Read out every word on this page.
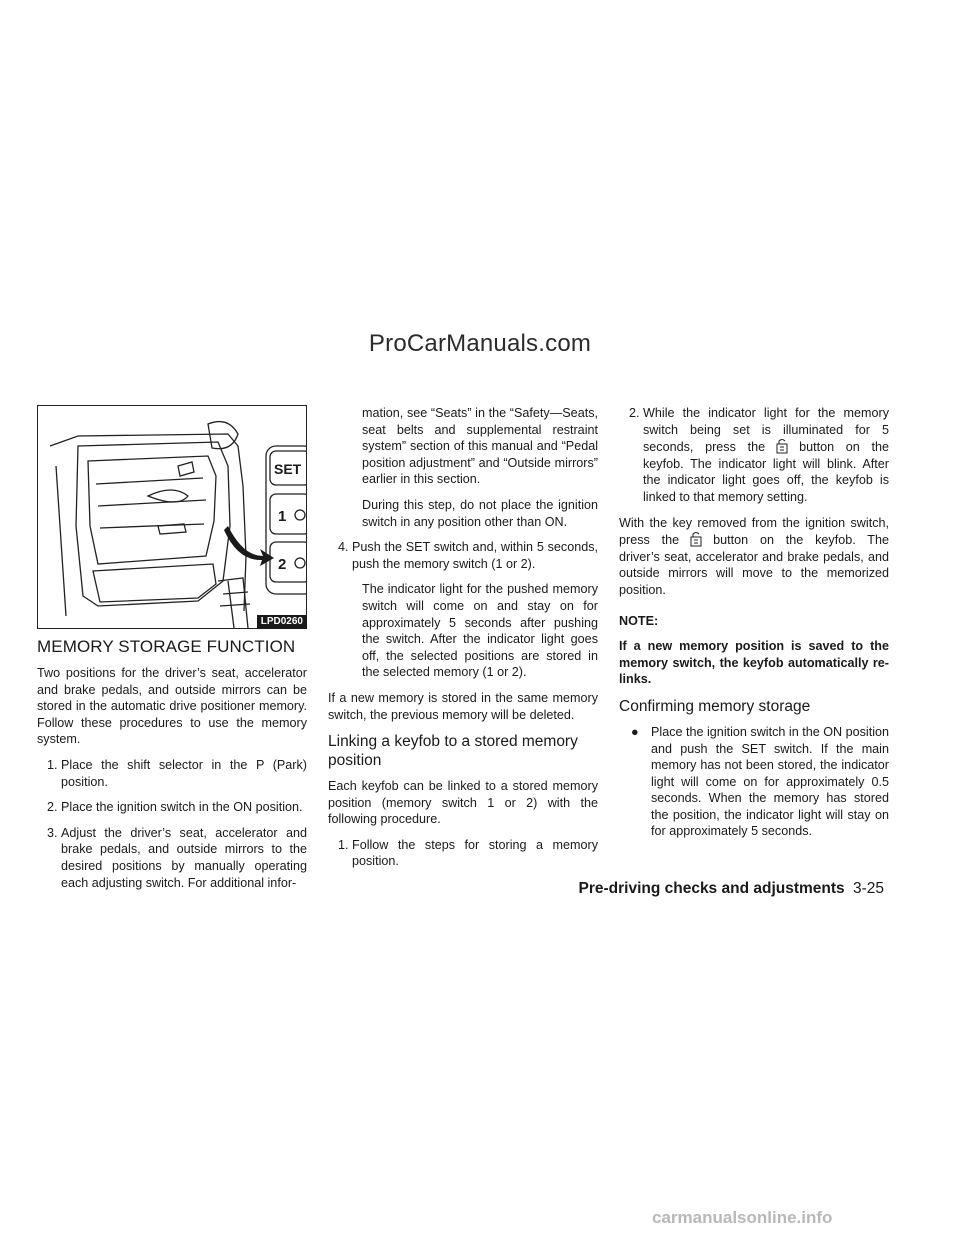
ProCarManuals.com
SET
1
2
LPD0260
MEMORY STORAGE FUNCTION

Two positions for the driver’s seat, accelerator and brake pedals, and outside mirrors can be stored in the automatic drive positioner memory. Follow these procedures to use the memory system.

1. Place the shift selector in the P (Park) position.
2. Place the ignition switch in the ON position.
3. Adjust the driver’s seat, accelerator and brake pedals, and outside mirrors to the desired positions by manually operating each adjusting switch. For additional infor-

mation, see “Seats” in the “Safety—Seats, seat belts and supplemental restraint system” section of this manual and “Pedal position adjustment” and “Outside mirrors” earlier in this section.

During this step, do not place the ignition switch in any position other than ON.

4. Push the SET switch and, within 5 seconds, push the memory switch (1 or 2).

The indicator light for the pushed memory switch will come on and stay on for approximately 5 seconds after pushing the switch. After the indicator light goes off, the selected positions are stored in the selected memory (1 or 2).

If a new memory is stored in the same memory switch, the previous memory will be deleted.

Linking a keyfob to a stored memory position

Each keyfob can be linked to a stored memory position (memory switch 1 or 2) with the following procedure.

1. Follow the steps for storing a memory position.
2. While the indicator light for the memory switch being set is illuminated for 5 seconds, press the	button on the keyfob. The indicator light will blink. After the indicator light goes off, the keyfob is linked to that memory setting.

With the key removed from the ignition switch, press the	button on the keyfob. The driver’s seat, accelerator and brake pedals, and outside mirrors will move to the memorized position.

NOTE:

If a new memory position is saved to the memory switch, the keyfob automatically re-links.

Confirming memory storage
● Place the ignition switch in the ON position and push the SET switch. If the main memory has not been stored, the indicator light will come on for approximately 0.5 seconds. When the memory has stored the position, the indicator light will stay on for approximately 5 seconds.
Pre-driving checks and adjustments 3-25
carmanualsonline.info
